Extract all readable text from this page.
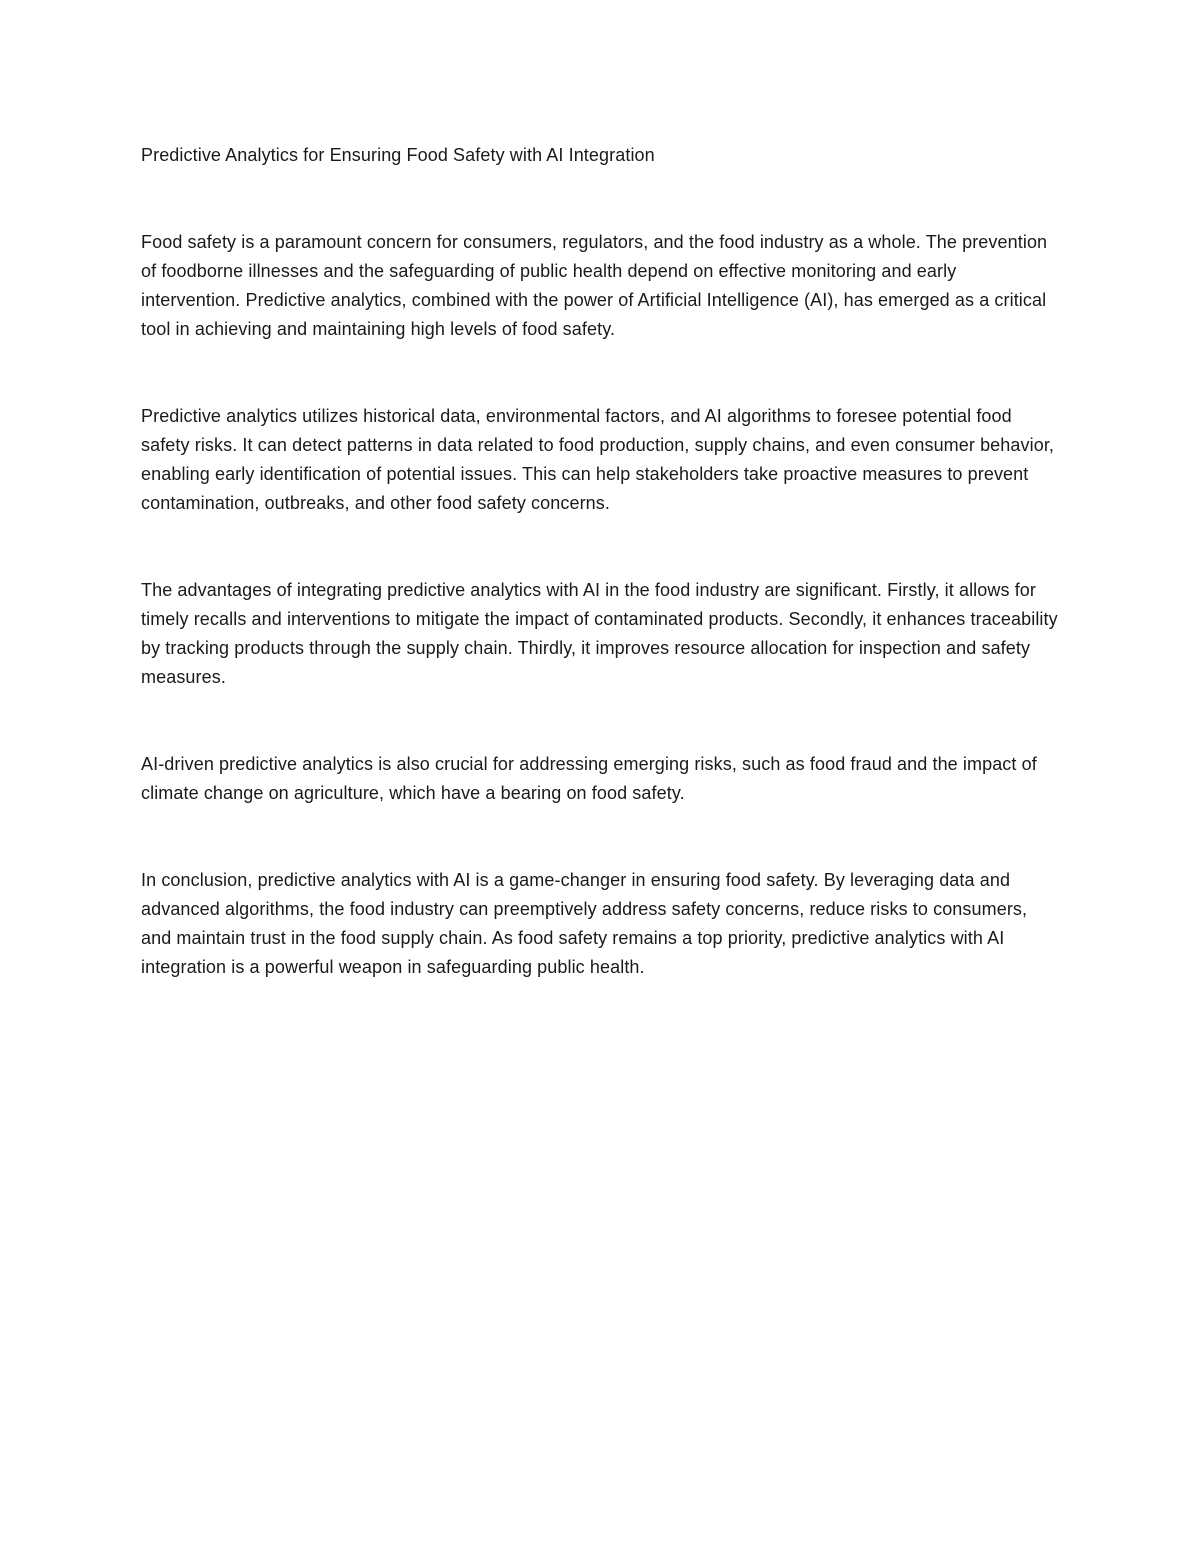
Predictive Analytics for Ensuring Food Safety with AI Integration

Food safety is a paramount concern for consumers, regulators, and the food industry as a whole. The prevention of foodborne illnesses and the safeguarding of public health depend on effective monitoring and early intervention. Predictive analytics, combined with the power of Artificial Intelligence (AI), has emerged as a critical tool in achieving and maintaining high levels of food safety.

Predictive analytics utilizes historical data, environmental factors, and AI algorithms to foresee potential food safety risks. It can detect patterns in data related to food production, supply chains, and even consumer behavior, enabling early identification of potential issues. This can help stakeholders take proactive measures to prevent contamination, outbreaks, and other food safety concerns.

The advantages of integrating predictive analytics with AI in the food industry are significant. Firstly, it allows for timely recalls and interventions to mitigate the impact of contaminated products. Secondly, it enhances traceability by tracking products through the supply chain. Thirdly, it improves resource allocation for inspection and safety measures.

AI-driven predictive analytics is also crucial for addressing emerging risks, such as food fraud and the impact of climate change on agriculture, which have a bearing on food safety.

In conclusion, predictive analytics with AI is a game-changer in ensuring food safety. By leveraging data and advanced algorithms, the food industry can preemptively address safety concerns, reduce risks to consumers, and maintain trust in the food supply chain. As food safety remains a top priority, predictive analytics with AI integration is a powerful weapon in safeguarding public health.
